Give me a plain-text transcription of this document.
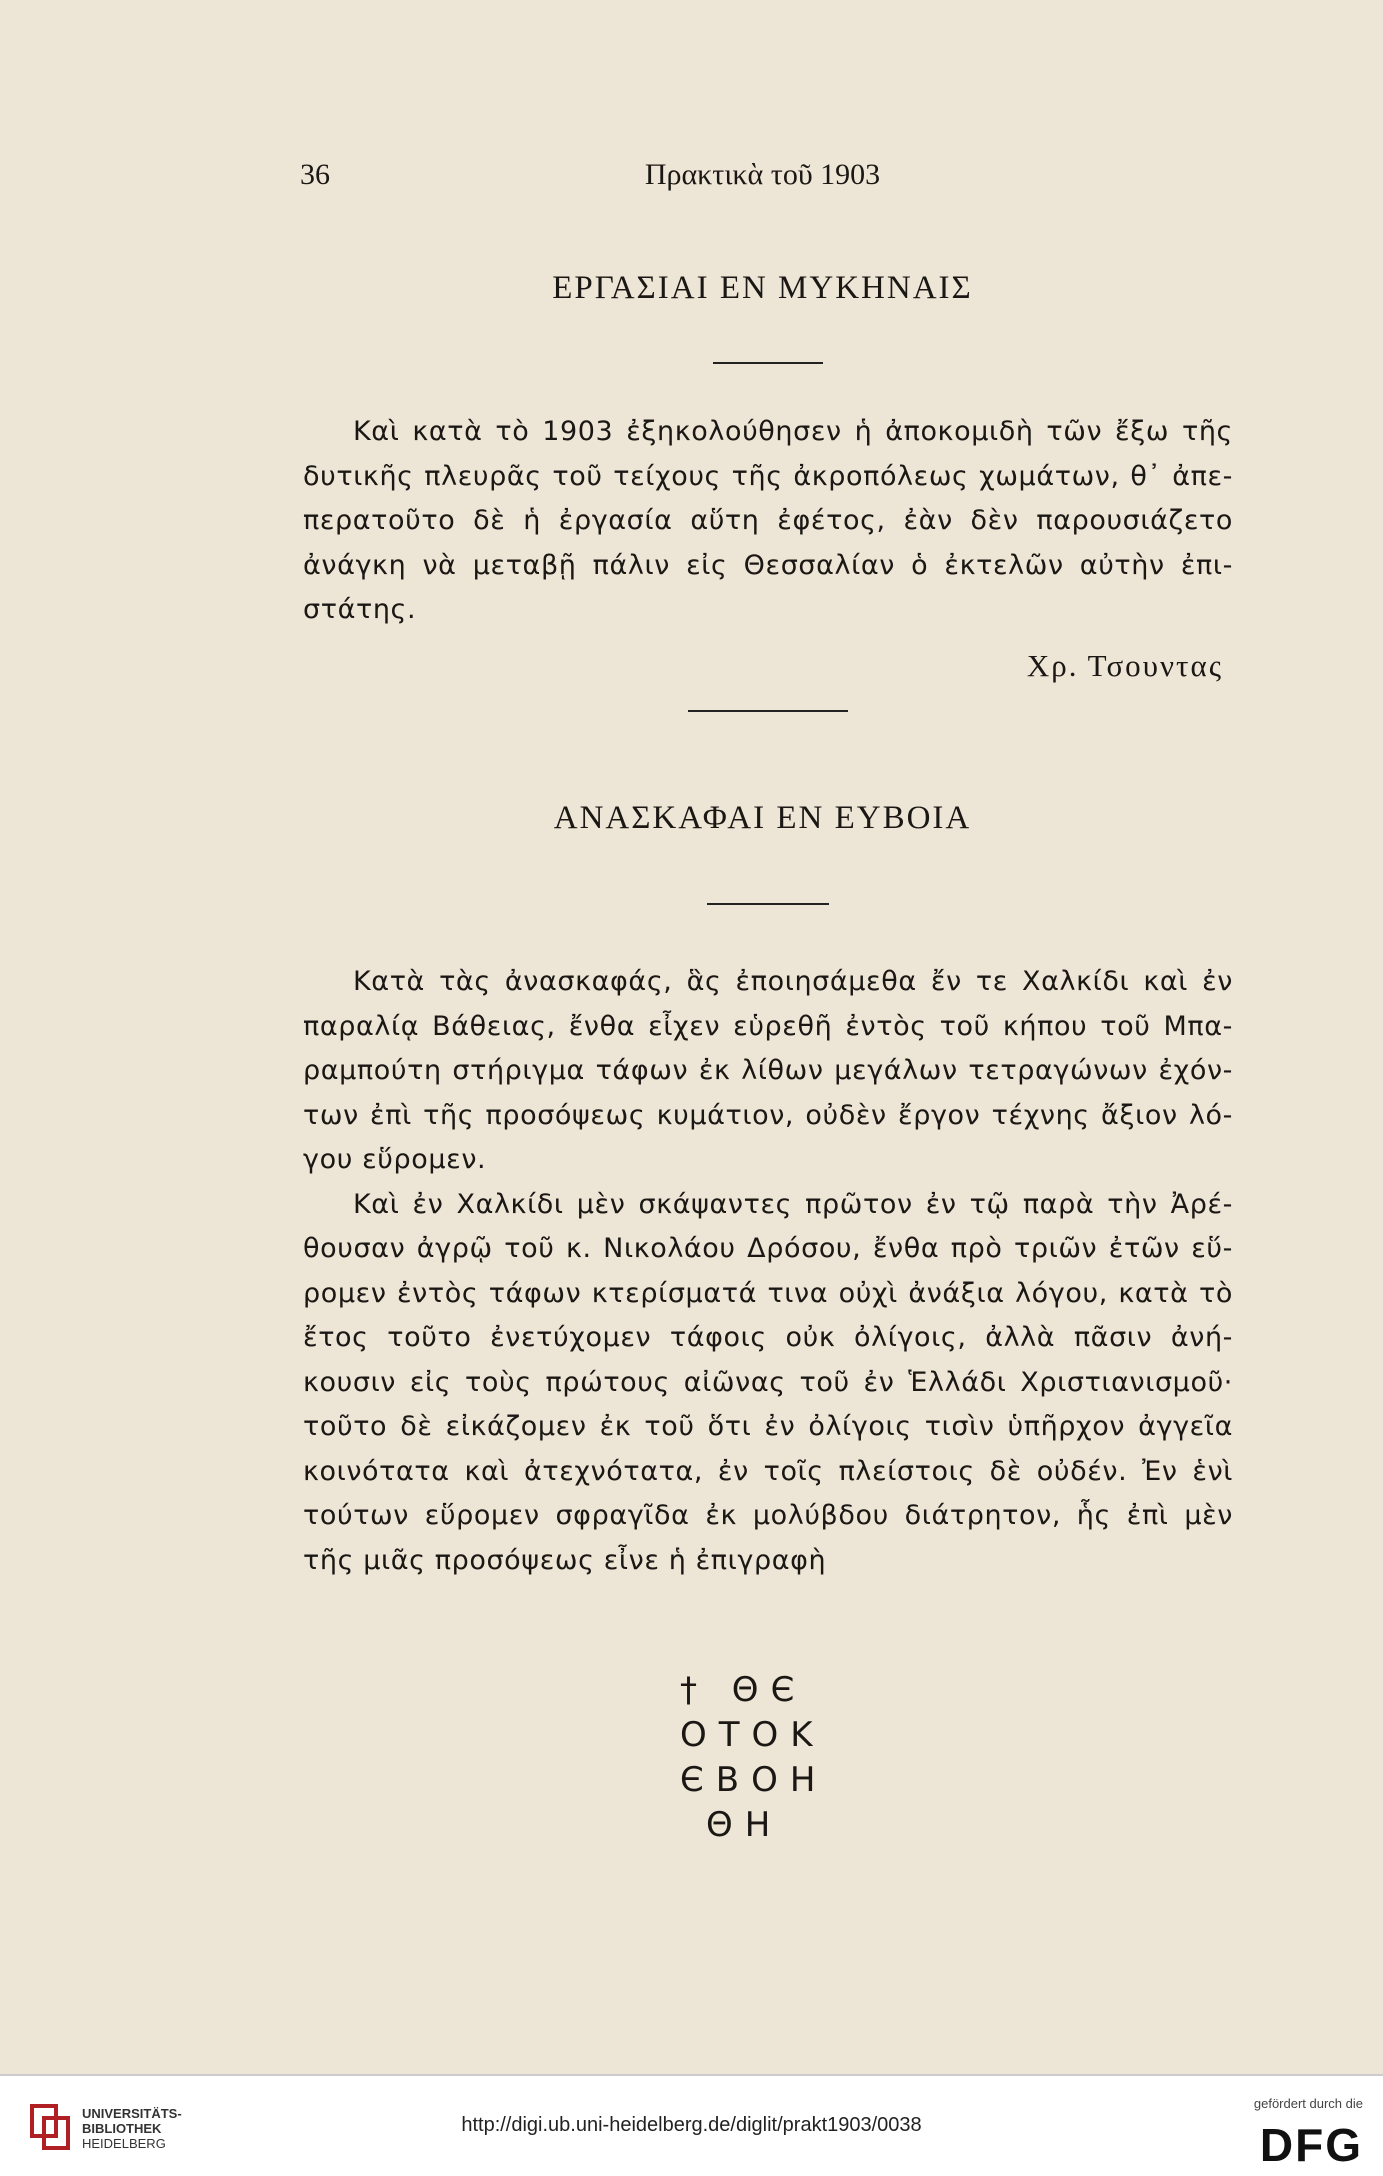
36	Πρακτικὰ τοῦ 1903
ΕΡΓΑΣΙΑΙ ΕΝ ΜΥΚΗΝΑΙΣ

Καὶ κατὰ τὸ 1903 ἐξηκολούθησεν ἡ ἀποκομιδὴ τῶν ἔξω τῆς δυτικῆς πλευρᾶς τοῦ τείχους τῆς ἀκροπόλεως χωμάτων, θ᾽ ἀπε-περατοῦτο δὲ ἡ ἐργασία αὕτη ἐφέτος, ἐὰν δὲν παρουσιάζετο ἀνάγκη νὰ μεταβῇ πάλιν εἰς Θεσσαλίαν ὁ ἐκτελῶν αὐτὴν ἐπι-στάτης.

Χρ. Τσουντας
ΑΝΑΣΚΑΦΑΙ ΕΝ ΕΥΒΟΙΑ

Κατὰ τὰς ἀνασκαφάς, ἃς ἐποιησάμεθα ἔν τε Χαλκίδι καὶ ἐν παραλίᾳ Βάθειας, ἔνθα εἶχεν εὑρεθῆ ἐντὸς τοῦ κήπου τοῦ Μπα-ραμπούτη στήριγμα τάφων ἐκ λίθων μεγάλων τετραγώνων ἐχόν-των ἐπὶ τῆς προσόψεως κυμάτιον, οὐδὲν ἔργον τέχνης ἄξιον λό-γου εὕρομεν.

Καὶ ἐν Χαλκίδι μὲν σκάψαντες πρῶτον ἐν τῷ παρὰ τὴν Ἀρέ-θουσαν ἀγρῷ τοῦ κ. Νικολάου Δρόσου, ἔνθα πρὸ τριῶν ἐτῶν εὕ-ρομεν ἐντὸς τάφων κτερίσματά τινα οὐχὶ ἀνάξια λόγου, κατὰ τὸ ἔτος τοῦτο ἐνετύχομεν τάφοις οὐκ ὀλίγοις, ἀλλὰ πᾶσιν ἀνή-κουσιν εἰς τοὺς πρώτους αἰῶνας τοῦ ἐν Ἑλλάδι Χριστιανισμοῦ· τοῦτο δὲ εἰκάζομεν ἐκ τοῦ ὅτι ἐν ὀλίγοις τισὶν ὑπῆρχον ἀγγεῖα κοινότατα καὶ ἀτεχνότατα, ἐν τοῖς πλείστοις δὲ οὐδέν. Ἐν ἑνὶ τούτων εὕρομεν σφραγῖδα ἐκ μολύβδου διάτρητον, ἧς ἐπὶ μὲν τῆς μιᾶς προσόψεως εἶνε ἡ ἐπιγραφὴ

† ΘЄ
ΟΤΟΚ
ЄΒΟΗ
ΘΗ
UNIVERSITÄTS-
BIBLIOTHEK
HEIDELBERG
http://digi.ub.uni-heidelberg.de/diglit/prakt1903/0038
gefördert durch die
DFG
